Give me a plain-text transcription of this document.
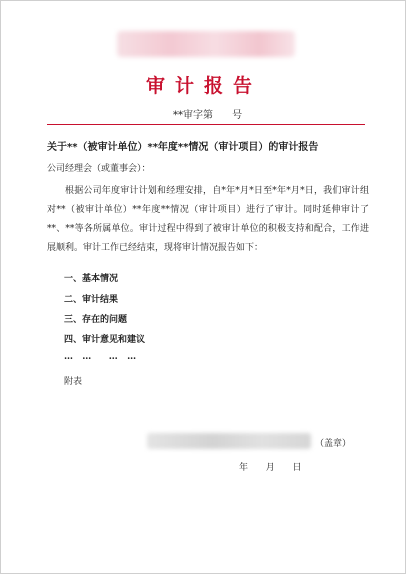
审计报告
**审字第      号
关于**（被审计单位）**年度**情况（审计项目）的审计报告
公司经理会（或董事会）：
根据公司年度审计计划和经理安排，自*年*月*日至*年*月*日，我们审计组对**（被审计单位）**年度**情况（审计项目）进行了审计。同时延伸审计了**、**等各所属单位。审计过程中得到了被审计单位的积极支持和配合，工作进展顺利。审计工作已经结束，现将审计情况报告如下：
一、基本情况
二、审计结果
三、存在的问题
四、审计意见和建议
…  …    …  …
附表
（盖章）
年  月  日
